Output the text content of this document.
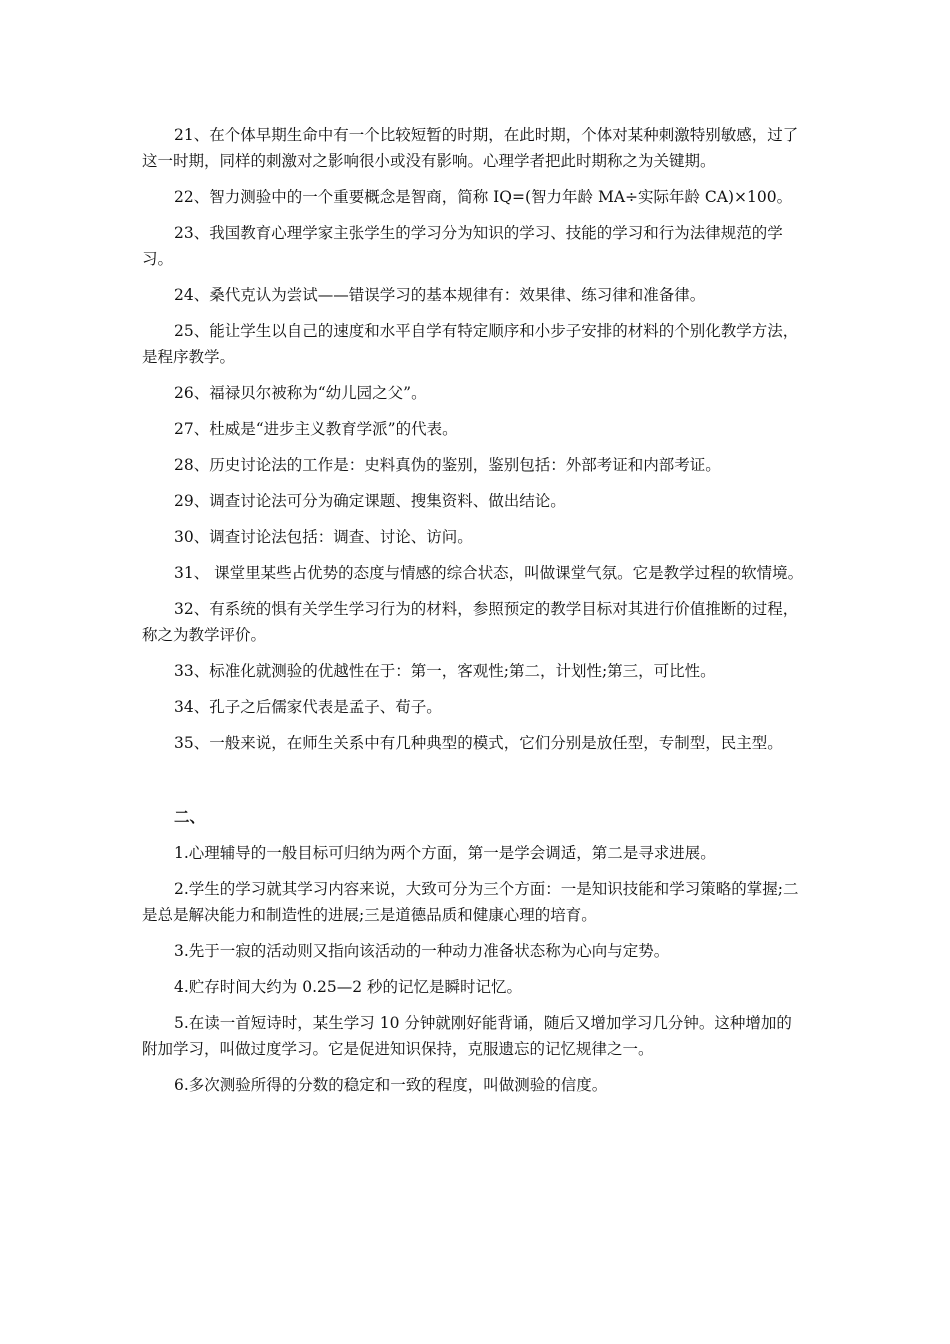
21、在个体早期生命中有一个比较短暂的时期，在此时期，个体对某种刺激特别敏感，过了这一时期，同样的刺激对之影响很小或没有影响。心理学者把此时期称之为关键期。

22、智力测验中的一个重要概念是智商，简称 IQ=(智力年龄 MA÷实际年龄 CA)×100。

23、我国教育心理学家主张学生的学习分为知识的学习、技能的学习和行为法律规范的学习。

24、桑代克认为尝试——错误学习的基本规律有：效果律、练习律和准备律。

25、能让学生以自己的速度和水平自学有特定顺序和小步子安排的材料的个别化教学方法，是程序教学。

26、福禄贝尔被称为“幼儿园之父”。

27、杜威是“进步主义教育学派”的代表。

28、历史讨论法的工作是：史料真伪的鉴别，鉴别包括：外部考证和内部考证。

29、调查讨论法可分为确定课题、搜集资料、做出结论。

30、调查讨论法包括：调查、讨论、访问。

31、 课堂里某些占优势的态度与情感的综合状态，叫做课堂气氛。它是教学过程的软情境。

32、有系统的惧有关学生学习行为的材料，参照预定的教学目标对其进行价值推断的过程，称之为教学评价。

33、标准化就测验的优越性在于：第一，客观性;第二，计划性;第三，可比性。

34、孔子之后儒家代表是孟子、荀子。

35、一般来说，在师生关系中有几种典型的模式，它们分别是放任型，专制型，民主型。

二、

1.心理辅导的一般目标可归纳为两个方面，第一是学会调适，第二是寻求进展。

2.学生的学习就其学习内容来说，大致可分为三个方面：一是知识技能和学习策略的掌握;二是总是解决能力和制造性的进展;三是道德品质和健康心理的培育。

3.先于一寂的活动则又指向该活动的一种动力准备状态称为心向与定势。

4.贮存时间大约为 0.25—2 秒的记忆是瞬时记忆。

5.在读一首短诗时，某生学习 10 分钟就刚好能背诵，随后又增加学习几分钟。这种增加的附加学习，叫做过度学习。它是促进知识保持，克服遗忘的记忆规律之一。

6.多次测验所得的分数的稳定和一致的程度，叫做测验的信度。
